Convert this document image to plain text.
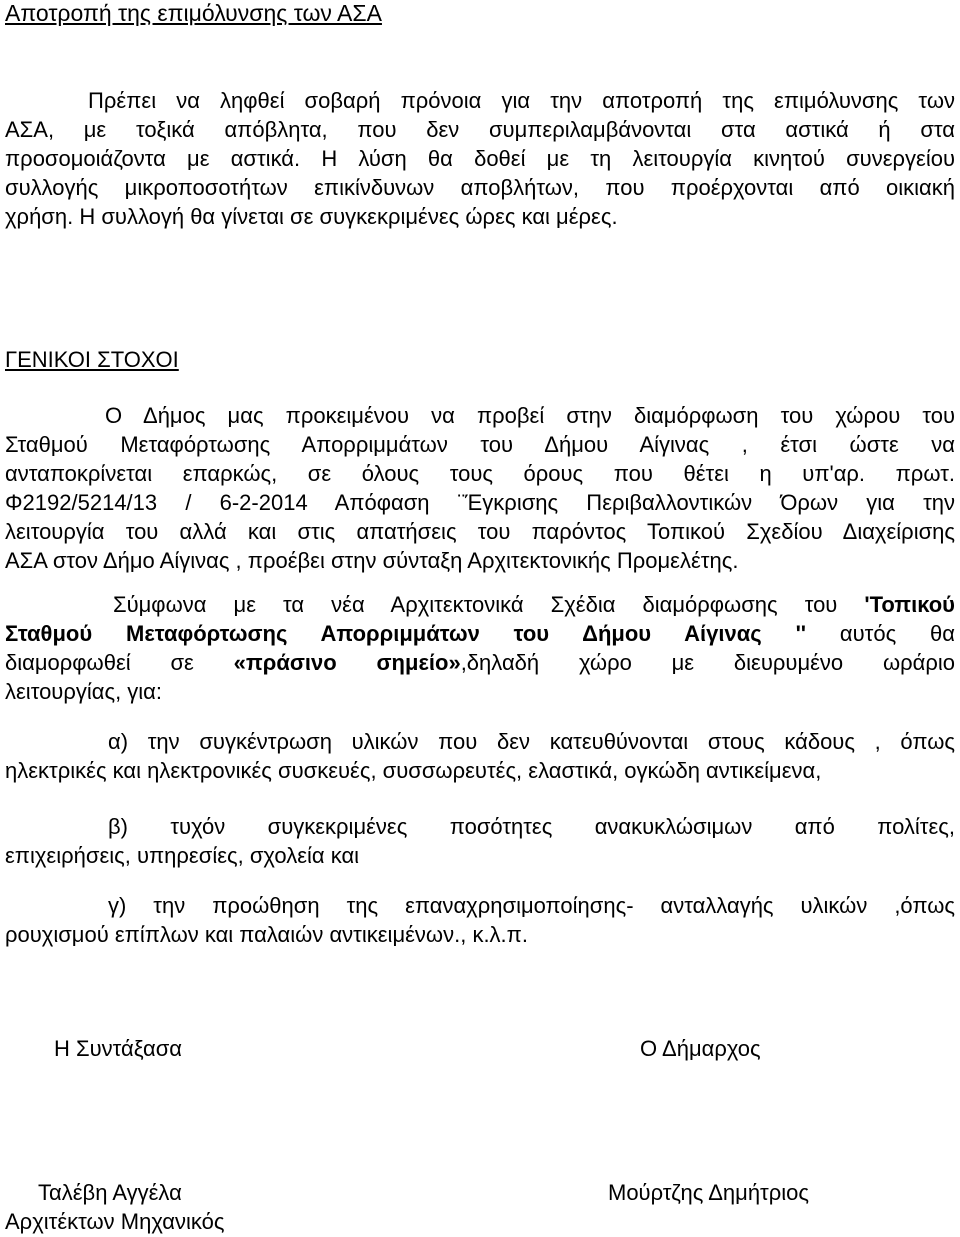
Αποτροπή της επιμόλυνσης των ΑΣΑ
Πρέπει να ληφθεί σοβαρή πρόνοια για την αποτροπή της επιμόλυνσης των
ΑΣΑ, με τοξικά απόβλητα, που δεν συμπεριλαμβάνονται στα αστικά ή στα
προσομοιάζοντα με αστικά. Η λύση θα δοθεί με τη λειτουργία κινητού συνεργείου
συλλογής μικροποσοτήτων επικίνδυνων αποβλήτων, που προέρχονται από οικιακή
χρήση. Η συλλογή θα γίνεται σε συγκεκριμένες ώρες και μέρες.
ΓΕΝΙΚΟΙ ΣΤΟΧΟΙ
Ο Δήμος μας προκειμένου να προβεί στην διαμόρφωση του χώρου του
Σταθμού Μεταφόρτωσης Απορριμμάτων του Δήμου Αίγινας , έτσι ώστε να
ανταποκρίνεται επαρκώς, σε όλους τους όρους που θέτει η υπ'αρ. πρωτ.
Φ2192/5214/13 / 6-2-2014 Απόφαση ¨Έγκρισης Περιβαλλοντικών Όρων για την
λειτουργία του αλλά και στις απατήσεις του παρόντος Τοπικού Σχεδίου Διαχείρισης
ΑΣΑ στον Δήμο Αίγινας , προέβει στην σύνταξη Αρχιτεκτονικής Προμελέτης.
Σύμφωνα με τα νέα Αρχιτεκτονικά Σχέδια διαμόρφωσης του 'Τοπικού
Σταθμού Μεταφόρτωσης Απορριμμάτων του Δήμου Αίγινας '' αυτός θα
διαμορφωθεί σε «πράσινο σημείο»,δηλαδή χώρο με διευρυμένο ωράριο
λειτουργίας, για:
α) την συγκέντρωση υλικών που δεν κατευθύνονται στους κάδους , όπως
ηλεκτρικές και ηλεκτρονικές συσκευές, συσσωρευτές, ελαστικά, ογκώδη αντικείμενα,
β) τυχόν συγκεκριμένες ποσότητες ανακυκλώσιμων από πολίτες,
επιχειρήσεις, υπηρεσίες, σχολεία και
γ) την προώθηση της επαναχρησιμοποίησης- ανταλλαγής υλικών ,όπως
ρουχισμού επίπλων και παλαιών αντικειμένων., κ.λ.π.
Η Συντάξασα	Ο Δήμαρχος
Ταλέβη Αγγέλα	Μούρτζης Δημήτριος
Αρχιτέκτων Μηχανικός
